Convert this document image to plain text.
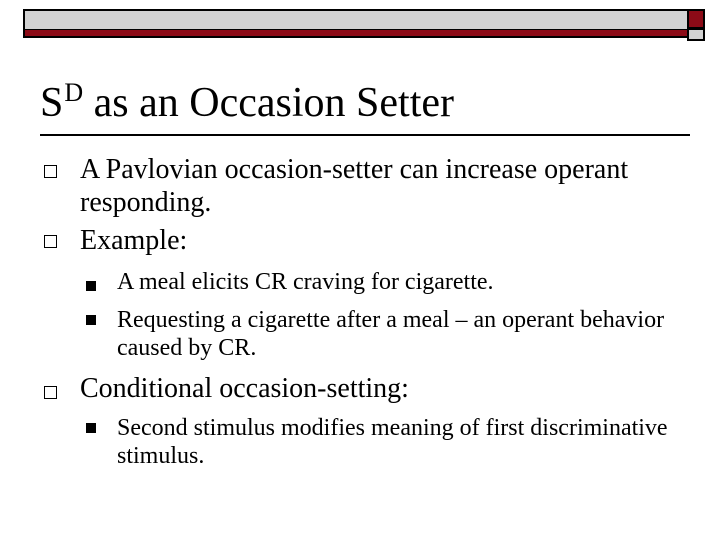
$S^D$ as an Occasion Setter
A Pavlovian occasion-setter can increase operant responding.
Example:
A meal elicits CR craving for cigarette.
Requesting a cigarette after a meal – an operant behavior caused by CR.
Conditional occasion-setting:
Second stimulus modifies meaning of first discriminative stimulus.
